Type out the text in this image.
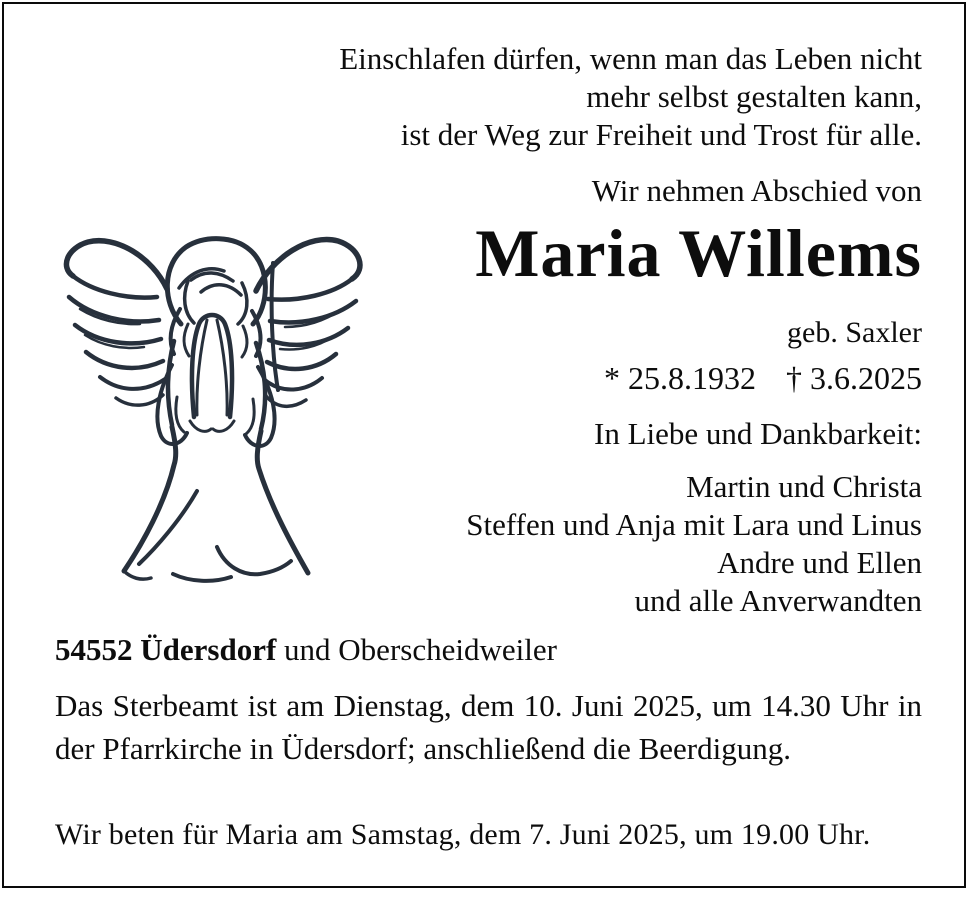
Einschlafen dürfen, wenn man das Leben nicht
mehr selbst gestalten kann,
ist der Weg zur Freiheit und Trost für alle.
Wir nehmen Abschied von
Maria Willems
geb. Saxler
* 25.8.1932 † 3.6.2025
In Liebe und Dankbarkeit:
Martin und Christa
Steffen und Anja mit Lara und Linus
Andre und Ellen
und alle Anverwandten
54552 Üdersdorf und Oberscheidweiler

Das Sterbeamt ist am Dienstag, dem 10. Juni 2025, um 14.30 Uhr in der Pfarrkirche in Üdersdorf; anschließend die Beerdigung.

Wir beten für Maria am Samstag, dem 7. Juni 2025, um 19.00 Uhr.
